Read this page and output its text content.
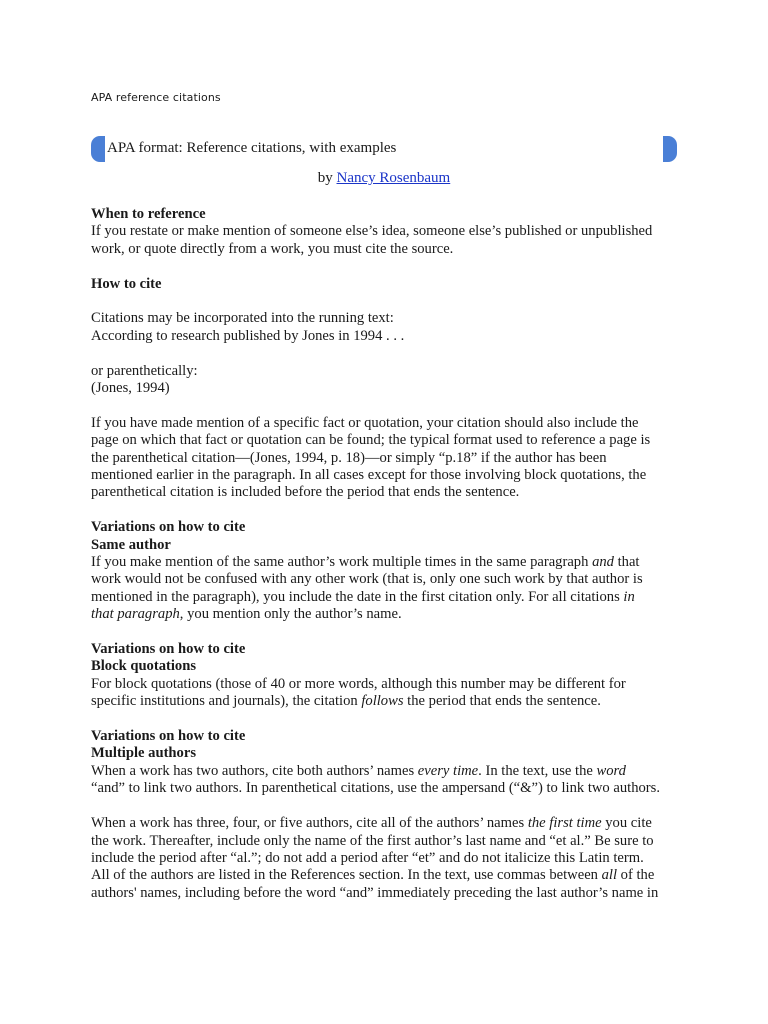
APA reference citations
APA format: Reference citations, with examples
by Nancy Rosenbaum

When to reference

If you restate or make mention of someone else’s idea, someone else’s published or unpublished

work, or quote directly from a work, you must cite the source.

How to cite

Citations may be incorporated into the running text:

According to research published by Jones in 1994 . . .

or parenthetically:

(Jones, 1994)

If you have made mention of a specific fact or quotation, your citation should also include the

page on which that fact or quotation can be found; the typical format used to reference a page is

the parenthetical citation—(Jones, 1994, p. 18)—or simply “p.18” if the author has been

mentioned earlier in the paragraph. In all cases except for those involving block quotations, the

parenthetical citation is included before the period that ends the sentence.

Variations on how to cite

Same author

If you make mention of the same author’s work multiple times in the same paragraph and that

work would not be confused with any other work (that is, only one such work by that author is

mentioned in the paragraph), you include the date in the first citation only. For all citations in

that paragraph, you mention only the author’s name.

Variations on how to cite

Block quotations

For block quotations (those of 40 or more words, although this number may be different for

specific institutions and journals), the citation follows the period that ends the sentence.

Variations on how to cite

Multiple authors

When a work has two authors, cite both authors’ names every time. In the text, use the word

“and” to link two authors. In parenthetical citations, use the ampersand (“&”) to link two authors.

When a work has three, four, or five authors, cite all of the authors’ names the first time you cite

the work. Thereafter, include only the name of the first author’s last name and “et al.” Be sure to

include the period after “al.”; do not add a period after “et” and do not italicize this Latin term.

All of the authors are listed in the References section. In the text, use commas between all of the

authors' names, including before the word “and” immediately preceding the last author’s name in
